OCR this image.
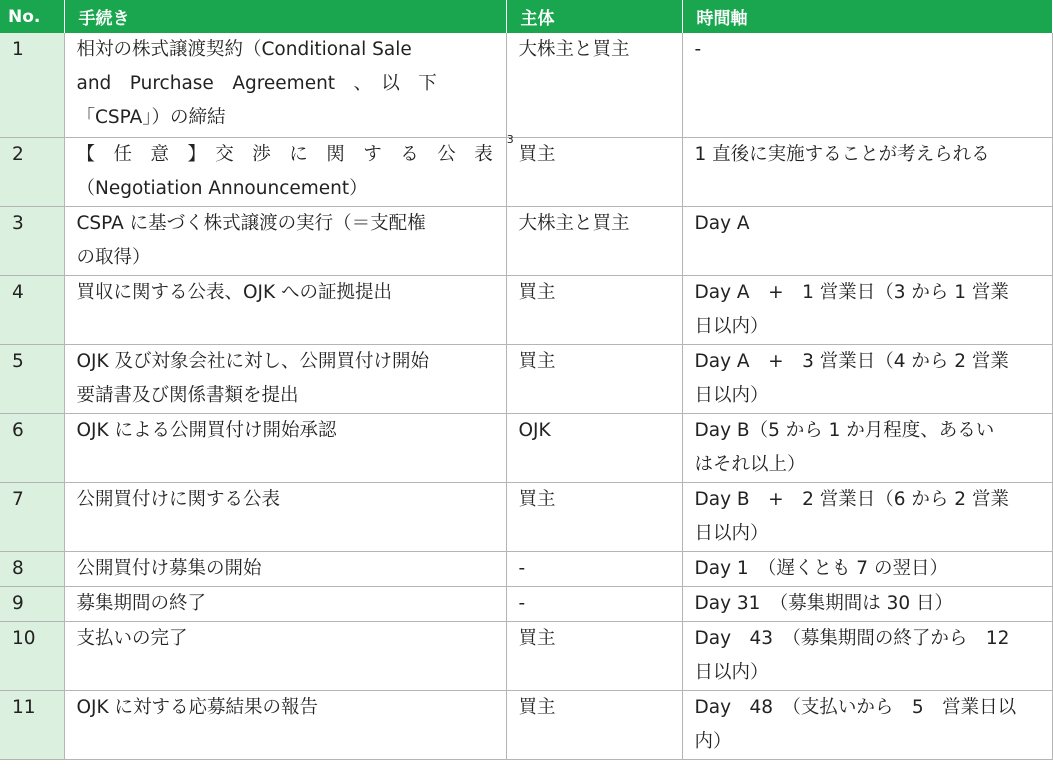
No.	手続き	主体	時間軸
1	相対の株式譲渡契約（Conditional Sale
and　Purchase　Agreement　、　以　下
「CSPA」）の締結	大株主と買主	-

2	【　任　意　】　交　渉　に　関　す　る　公　表$^3$
（Negotiation Announcement）	買主	1 直後に実施することが考えられる

3	CSPA に基づく株式譲渡の実行（＝支配権
の取得）	大株主と買主	Day A

4	買収に関する公表、OJK への証拠提出	買主	Day A　+　1 営業日（3 から 1 営業
日以内）

5	OJK 及び対象会社に対し、公開買付け開始
要請書及び関係書類を提出	買主	Day A　+　3 営業日（4 から 2 営業
日以内）

6	OJK による公開買付け開始承認	OJK	Day B（5 から 1 か月程度、あるい
はそれ以上）

7	公開買付けに関する公表	買主	Day B　+　2 営業日（6 から 2 営業
日以内）

8	公開買付け募集の開始	-	Day 1　（遅くとも 7 の翌日）

9	募集期間の終了	-	Day 31　（募集期間は 30 日）

10	支払いの完了	買主	Day　43　（募集期間の終了から　12
日以内）

11	OJK に対する応募結果の報告	買主	Day　48　（支払いから　5　営業日以
内）
